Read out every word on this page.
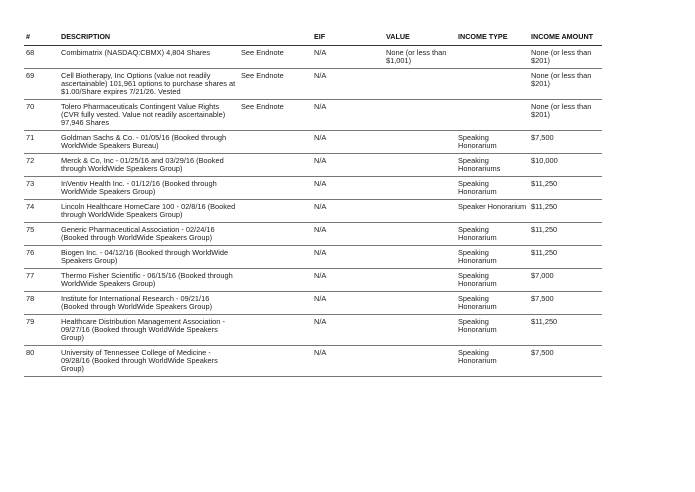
#	DESCRIPTION		EIF	VALUE	INCOME TYPE	INCOME AMOUNT

68	Combimatrix (NASDAQ:CBMX) 4,804 Shares	See Endnote	N/A	None (or less than $1,001)		None (or less than $201)

69	Cell Biotherapy, Inc Options (value not readily ascertainable) 101,961 options to purchase shares at $1.00/Share expires 7/21/26. Vested	See Endnote	N/A			None (or less than $201)

70	Tolero Pharmaceuticals Contingent Value Rights (CVR fully vested. Value not readily ascertainable) 97,946 Shares	See Endnote	N/A			None (or less than $201)

71	Goldman Sachs & Co. - 01/05/16 (Booked through WorldWide Speakers Bureau)		N/A		Speaking Honorarium	$7,500

72	Merck & Co, Inc - 01/25/16 and 03/29/16 (Booked through WorldWide Speakers Group)		N/A		Speaking Honorariums	$10,000

73	InVentiv Health Inc. - 01/12/16 (Booked through WorldWide Speakers Group)		N/A		Speaking Honorarium	$11,250

74	Lincoln Healthcare HomeCare 100 - 02/8/16 (Booked through WorldWide Speakers Group)		N/A		Speaker Honorarium	$11,250

75	Generic Pharmaceutical Association - 02/24/16 (Booked through WorldWide Speakers Group)		N/A		Speaking Honorarium	$11,250

76	Biogen Inc. - 04/12/16 (Booked through WorldWide Speakers Group)		N/A		Speaking Honorarium	$11,250

77	Thermo Fisher Scientific - 06/15/16 (Booked through WorldWide Speakers Group)		N/A		Speaking Honorarium	$7,000

78	Institute for International Research - 09/21/16 (Booked through WorldWide Speakers Group)		N/A		Speaking Honorarium	$7,500

79	Healthcare Distribution Management Association - 09/27/16 (Booked through WorldWide Speakers Group)		N/A		Speaking Honorarium	$11,250

80	University of Tennessee College of Medicine - 09/28/16 (Booked through WorldWide Speakers Group)		N/A		Speaking Honorarium	$7,500
